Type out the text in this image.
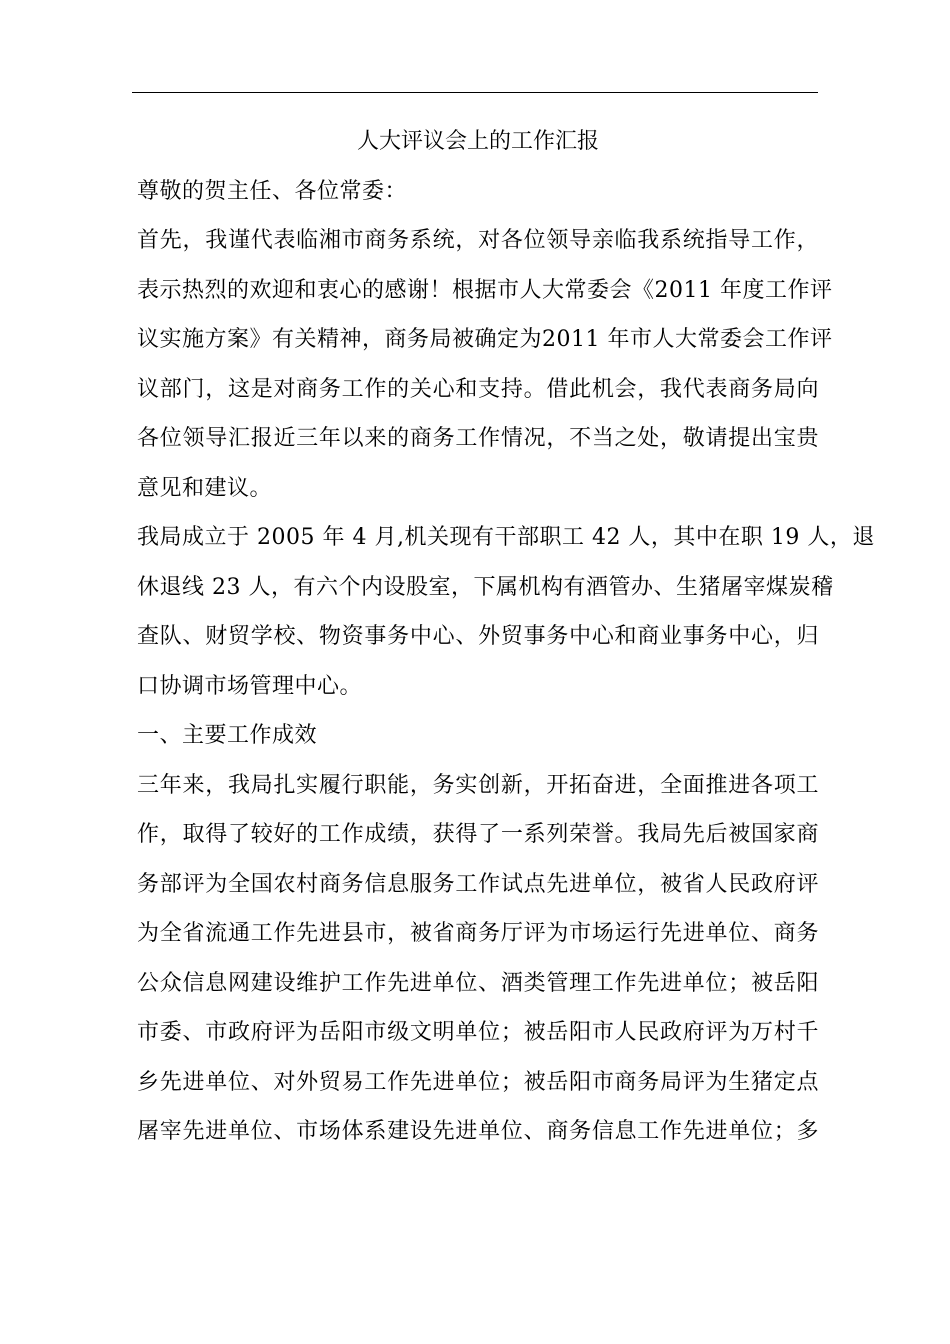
人大评议会上的工作汇报
尊敬的贺主任、各位常委：
首先，我谨代表临湘市商务系统，对各位领导亲临我系统指导工作，
表示热烈的欢迎和衷心的感谢！根据市人大常委会《2011 年度工作评
议实施方案》有关精神，商务局被确定为2011 年市人大常委会工作评
议部门，这是对商务工作的关心和支持。借此机会，我代表商务局向
各位领导汇报近三年以来的商务工作情况，不当之处，敬请提出宝贵
意见和建议。
我局成立于 2005 年 4 月,机关现有干部职工 42 人，其中在职 19 人，退
休退线 23 人，有六个内设股室，下属机构有酒管办、生猪屠宰煤炭稽
查队、财贸学校、物资事务中心、外贸事务中心和商业事务中心，归
口协调市场管理中心。
一、主要工作成效
三年来，我局扎实履行职能，务实创新，开拓奋进，全面推进各项工
作，取得了较好的工作成绩，获得了一系列荣誉。我局先后被国家商
务部评为全国农村商务信息服务工作试点先进单位，被省人民政府评
为全省流通工作先进县市，被省商务厅评为市场运行先进单位、商务
公众信息网建设维护工作先进单位、酒类管理工作先进单位；被岳阳
市委、市政府评为岳阳市级文明单位；被岳阳市人民政府评为万村千
乡先进单位、对外贸易工作先进单位；被岳阳市商务局评为生猪定点
屠宰先进单位、市场体系建设先进单位、商务信息工作先进单位；多
